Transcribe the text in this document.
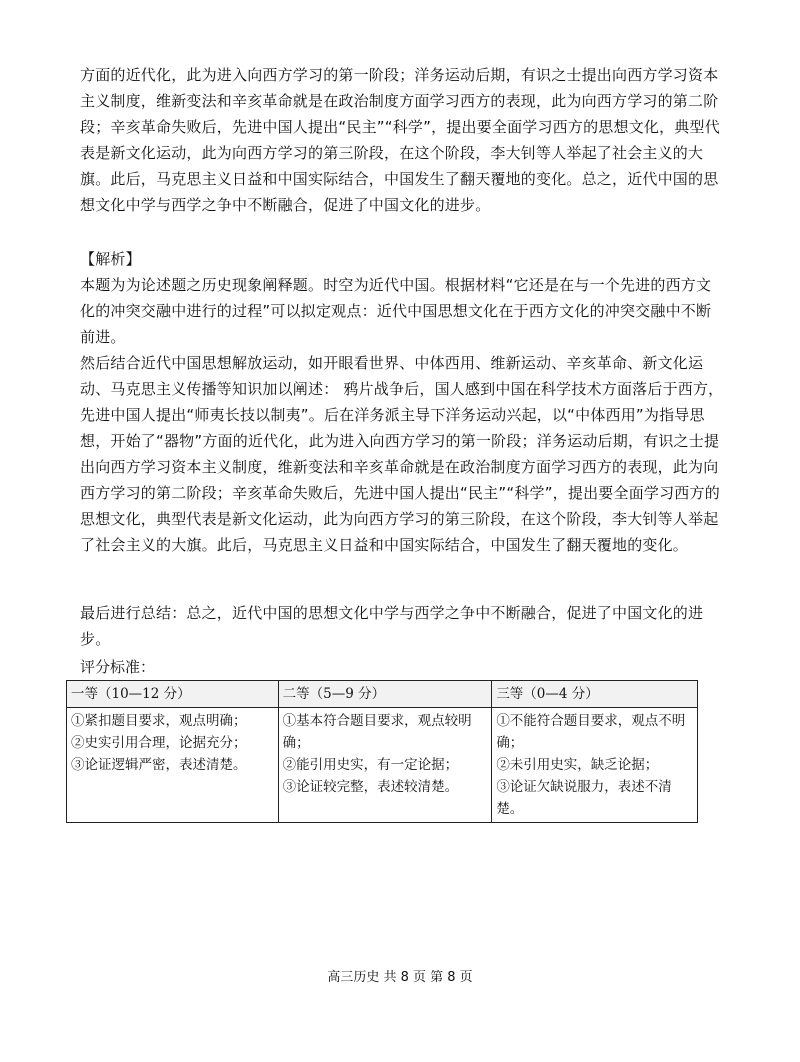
方面的近代化，此为进入向西方学习的第一阶段；洋务运动后期，有识之士提出向西方学习资本主义制度，维新变法和辛亥革命就是在政治制度方面学习西方的表现，此为向西方学习的第二阶段；辛亥革命失败后，先进中国人提出“民主”“科学”，提出要全面学习西方的思想文化，典型代表是新文化运动，此为向西方学习的第三阶段，在这个阶段，李大钊等人举起了社会主义的大旗。此后，马克思主义日益和中国实际结合，中国发生了翻天覆地的变化。总之，近代中国的思想文化中学与西学之争中不断融合，促进了中国文化的进步。

【解析】

本题为为论述题之历史现象阐释题。时空为近代中国。根据材料“它还是在与一个先进的西方文化的冲突交融中进行的过程”可以拟定观点：近代中国思想文化在于西方文化的冲突交融中不断前进。

然后结合近代中国思想解放运动，如开眼看世界、中体西用、维新运动、辛亥革命、新文化运动、马克思主义传播等知识加以阐述： 鸦片战争后，国人感到中国在科学技术方面落后于西方，先进中国人提出“师夷长技以制夷”。后在洋务派主导下洋务运动兴起，以“中体西用”为指导思想，开始了“器物”方面的近代化，此为进入向西方学习的第一阶段；洋务运动后期，有识之士提出向西方学习资本主义制度，维新变法和辛亥革命就是在政治制度方面学习西方的表现，此为向西方学习的第二阶段；辛亥革命失败后，先进中国人提出“民主”“科学”，提出要全面学习西方的思想文化，典型代表是新文化运动，此为向西方学习的第三阶段，在这个阶段，李大钊等人举起了社会主义的大旗。此后，马克思主义日益和中国实际结合，中国发生了翻天覆地的变化。

最后进行总结：总之，近代中国的思想文化中学与西学之争中不断融合，促进了中国文化的进步。

评分标准：
一等（10—12 分）	二等（5—9 分）	三等（0—4 分）

①紧扣题目要求，观点明确；
②史实引用合理，论据充分；
③论证逻辑严密，表述清楚。	①基本符合题目要求，观点较明确；
②能引用史实，有一定论据；
③论证较完整，表述较清楚。	①不能符合题目要求，观点不明确；
②未引用史实，缺乏论据；
③论证欠缺说服力，表述不清楚。
高三历史 共 8 页 第 8 页
